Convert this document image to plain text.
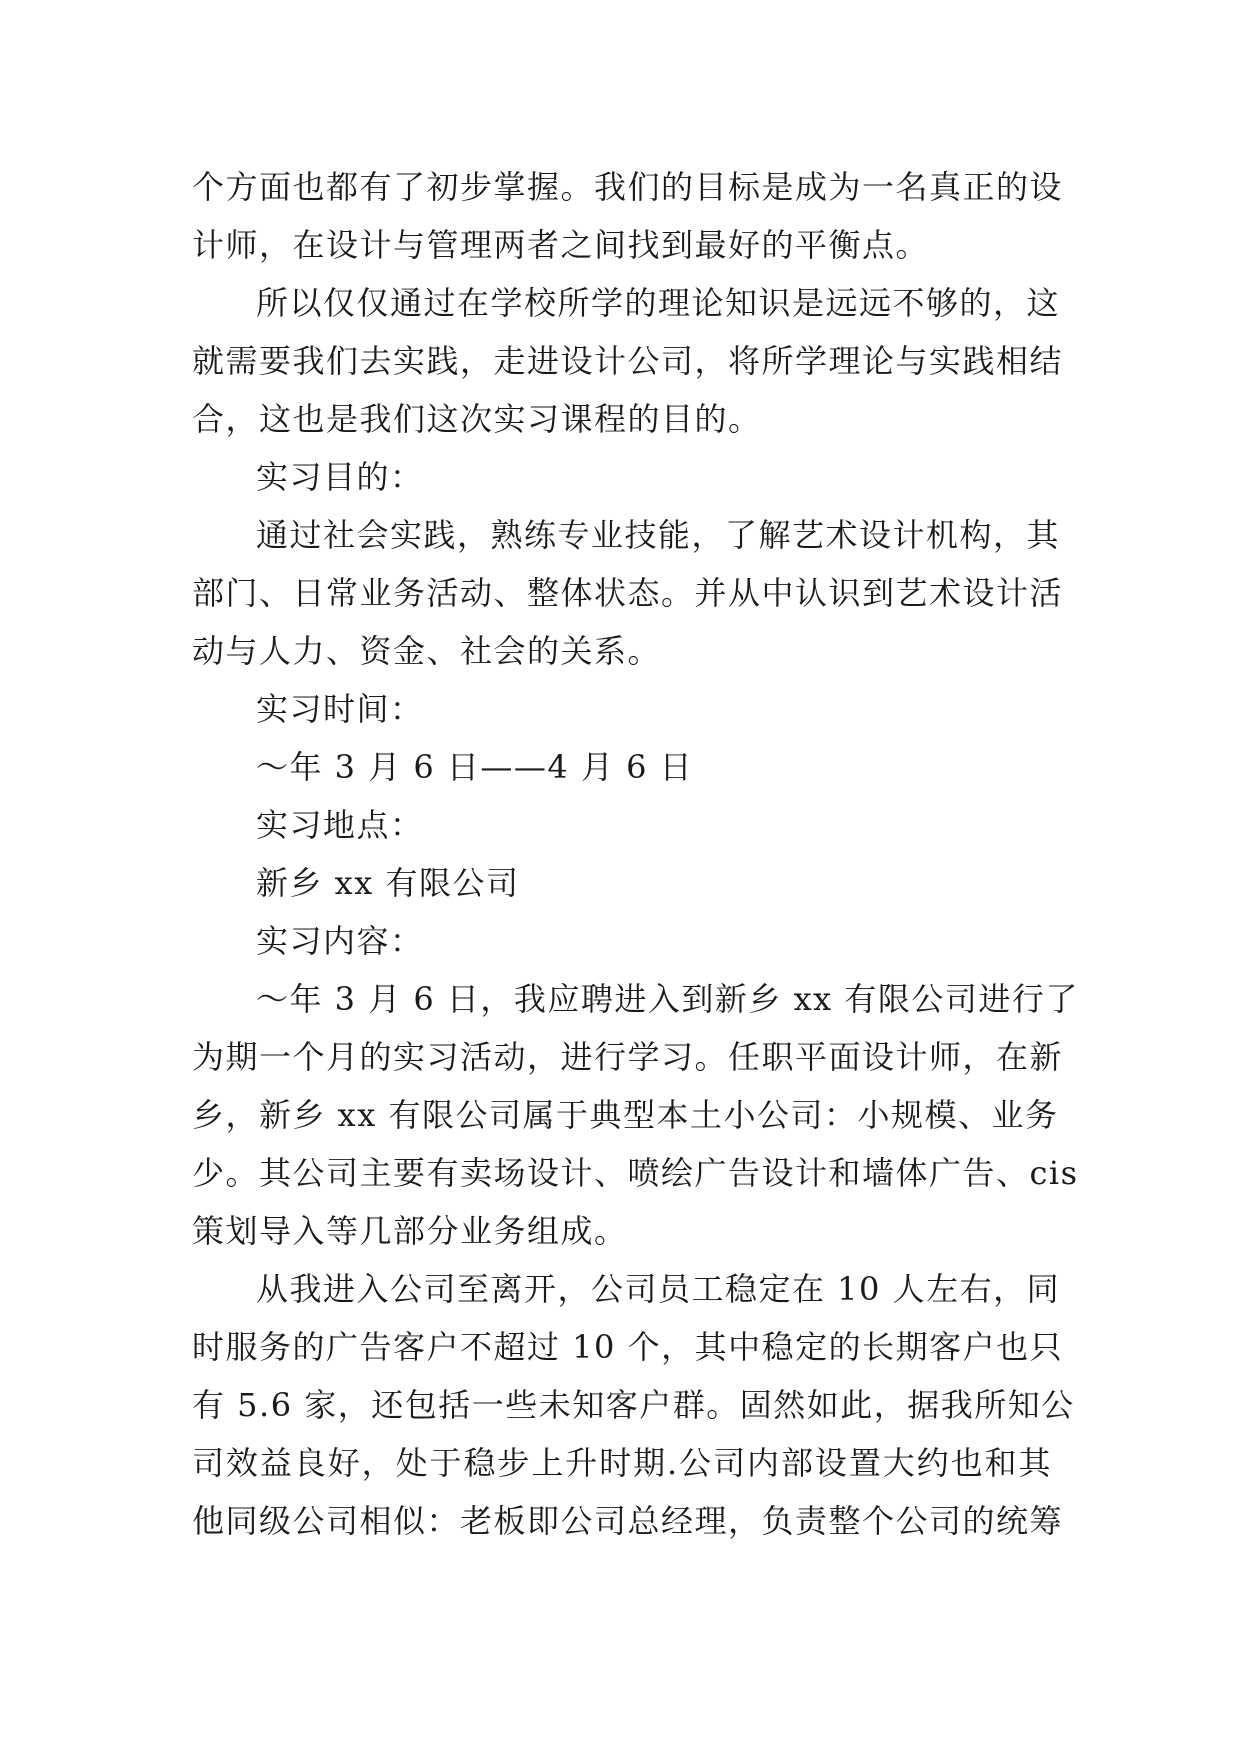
个方面也都有了初步掌握。我们的目标是成为一名真正的设
计师，在设计与管理两者之间找到最好的平衡点。
所以仅仅通过在学校所学的理论知识是远远不够的，这
就需要我们去实践，走进设计公司，将所学理论与实践相结
合，这也是我们这次实习课程的目的。
实习目的：
通过社会实践，熟练专业技能，了解艺术设计机构，其
部门、日常业务活动、整体状态。并从中认识到艺术设计活
动与人力、资金、社会的关系。
实习时间：
～年 3 月 6 日——4 月 6 日
实习地点：
新乡 xx 有限公司
实习内容：
～年 3 月 6 日，我应聘进入到新乡 xx 有限公司进行了
为期一个月的实习活动，进行学习。任职平面设计师，在新
乡，新乡 xx 有限公司属于典型本土小公司：小规模、业务
少。其公司主要有卖场设计、喷绘广告设计和墙体广告、cis
策划导入等几部分业务组成。
从我进入公司至离开，公司员工稳定在 10 人左右，同
时服务的广告客户不超过 10 个，其中稳定的长期客户也只
有 5.6 家，还包括一些未知客户群。固然如此，据我所知公
司效益良好，处于稳步上升时期.公司内部设置大约也和其
他同级公司相似：老板即公司总经理，负责整个公司的统筹
